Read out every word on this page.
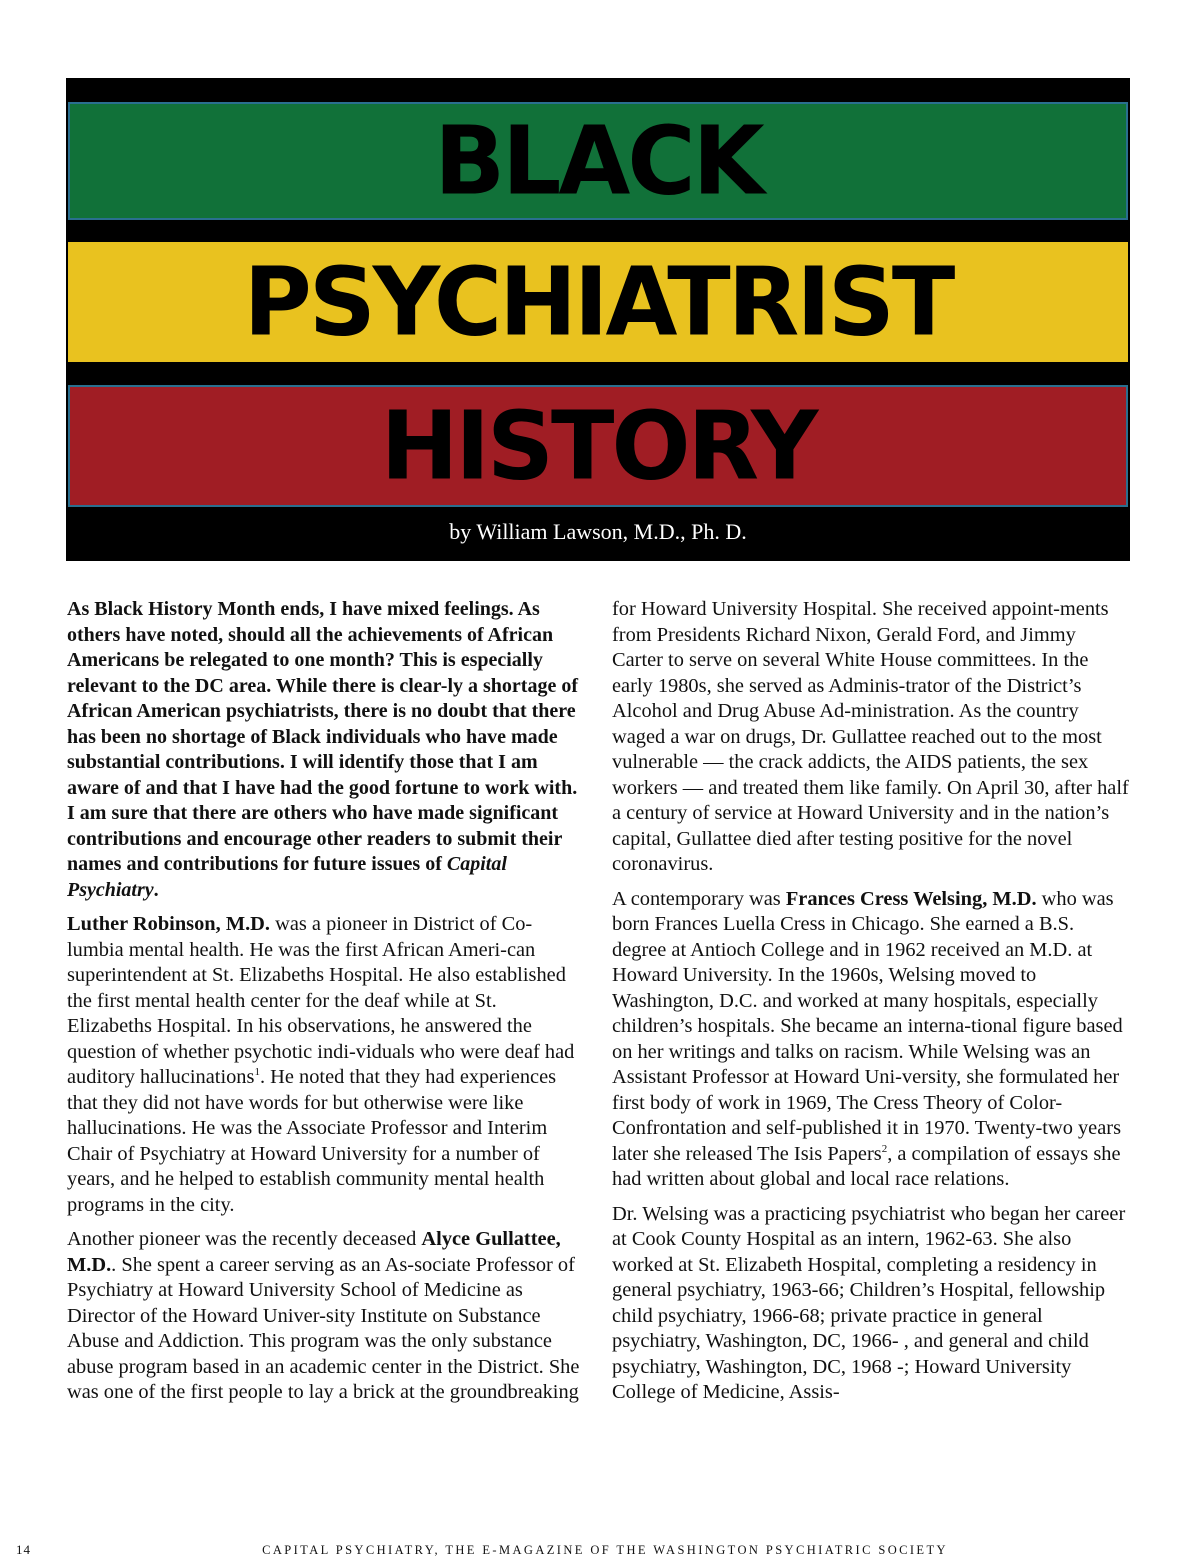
BLACK
PSYCHIATRIST
HISTORY
by William Lawson, M.D., Ph. D.

As Black History Month ends, I have mixed feelings. As others have noted, should all the achievements of African Americans be relegated to one month? This is especially relevant to the DC area. While there is clear-ly a shortage of African American psychiatrists, there is no doubt that there has been no shortage of Black individuals who have made substantial contributions. I will identify those that I am aware of and that I have had the good fortune to work with. I am sure that there are others who have made significant contributions and encourage other readers to submit their names and contributions for future issues of Capital Psychiatry.

Luther Robinson, M.D. was a pioneer in District of Co-lumbia mental health. He was the first African Ameri-can superintendent at St. Elizabeths Hospital. He also established the first mental health center for the deaf while at St. Elizabeths Hospital. In his observations, he answered the question of whether psychotic indi-viduals who were deaf had auditory hallucinations$^1$. He noted that they had experiences that they did not have words for but otherwise were like hallucinations. He was the Associate Professor and Interim Chair of Psychiatry at Howard University for a number of years, and he helped to establish community mental health programs in the city.

Another pioneer was the recently deceased Alyce Gullattee, M.D.. She spent a career serving as an As-sociate Professor of Psychiatry at Howard University School of Medicine as Director of the Howard Univer-sity Institute on Substance Abuse and Addiction. This program was the only substance abuse program based in an academic center in the District. She was one of the first people to lay a brick at the groundbreaking

for Howard University Hospital. She received appoint-ments from Presidents Richard Nixon, Gerald Ford, and Jimmy Carter to serve on several White House committees. In the early 1980s, she served as Adminis-trator of the District’s Alcohol and Drug Abuse Ad-ministration. As the country waged a war on drugs, Dr. Gullattee reached out to the most vulnerable — the crack addicts, the AIDS patients, the sex workers — and treated them like family. On April 30, after half a century of service at Howard University and in the nation’s capital, Gullattee died after testing positive for the novel coronavirus.

A contemporary was Frances Cress Welsing, M.D. who was born Frances Luella Cress in Chicago. She earned a B.S. degree at Antioch College and in 1962 received an M.D. at Howard University. In the 1960s, Welsing moved to Washington, D.C. and worked at many hospitals, especially children’s hospitals. She became an interna-tional figure based on her writings and talks on racism. While Welsing was an Assistant Professor at Howard Uni-versity, she formulated her first body of work in 1969, The Cress Theory of Color-Confrontation and self-published it in 1970. Twenty-two years later she released The Isis Papers$^2$, a compilation of essays she had written about global and local race relations.

Dr. Welsing was a practicing psychiatrist who began her career at Cook County Hospital as an intern, 1962-63. She also worked at St. Elizabeth Hospital, completing a residency in general psychiatry, 1963-66; Children’s Hospital, fellowship child psychiatry, 1966-68; private practice in general psychiatry, Washington, DC, 1966- , and general and child psychiatry, Washington, DC, 1968 -; Howard University College of Medicine, Assis-

14	CAPITAL PSYCHIATRY, THE E-MAGAZINE OF THE WASHINGTON PSYCHIATRIC SOCIETY
